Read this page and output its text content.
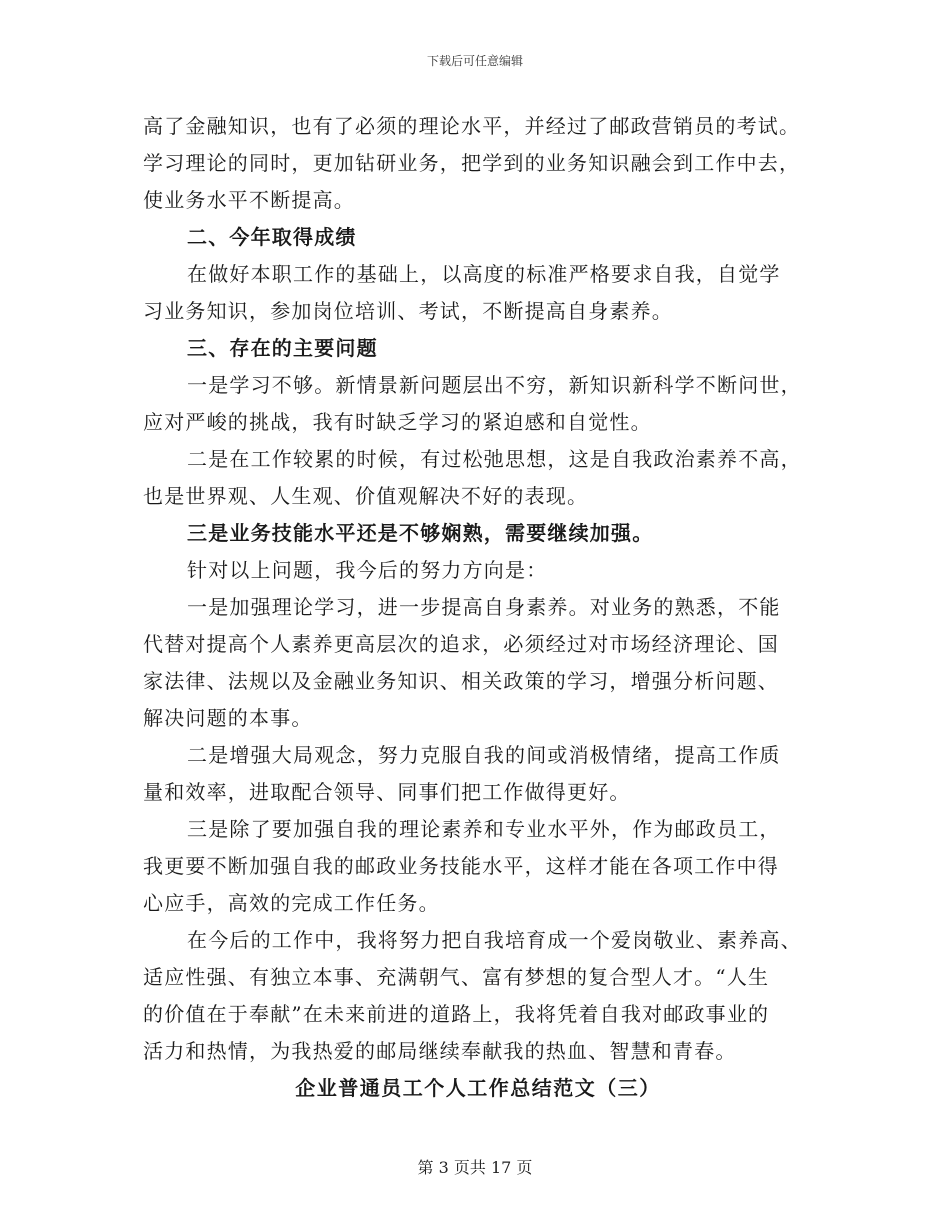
下载后可任意编辑
高了金融知识，也有了必须的理论水平，并经过了邮政营销员的考试。
学习理论的同时，更加钻研业务，把学到的业务知识融会到工作中去，
使业务水平不断提高。
二、今年取得成绩
在做好本职工作的基础上，以高度的标准严格要求自我，自觉学
习业务知识，参加岗位培训、考试，不断提高自身素养。
三、存在的主要问题
一是学习不够。新情景新问题层出不穷，新知识新科学不断问世，
应对严峻的挑战，我有时缺乏学习的紧迫感和自觉性。
二是在工作较累的时候，有过松弛思想，这是自我政治素养不高，
也是世界观、人生观、价值观解决不好的表现。
三是业务技能水平还是不够娴熟，需要继续加强。
针对以上问题，我今后的努力方向是：
一是加强理论学习，进一步提高自身素养。对业务的熟悉，不能
代替对提高个人素养更高层次的追求，必须经过对市场经济理论、国
家法律、法规以及金融业务知识、相关政策的学习，增强分析问题、
解决问题的本事。
二是增强大局观念，努力克服自我的间或消极情绪，提高工作质
量和效率，进取配合领导、同事们把工作做得更好。
三是除了要加强自我的理论素养和专业水平外，作为邮政员工，
我更要不断加强自我的邮政业务技能水平，这样才能在各项工作中得
心应手，高效的完成工作任务。
在今后的工作中，我将努力把自我培育成一个爱岗敬业、素养高、
适应性强、有独立本事、充满朝气、富有梦想的复合型人才。“人生
的价值在于奉献”在未来前进的道路上，我将凭着自我对邮政事业的
活力和热情，为我热爱的邮局继续奉献我的热血、智慧和青春。
企业普通员工个人工作总结范文（三）
第 3 页共 17 页
